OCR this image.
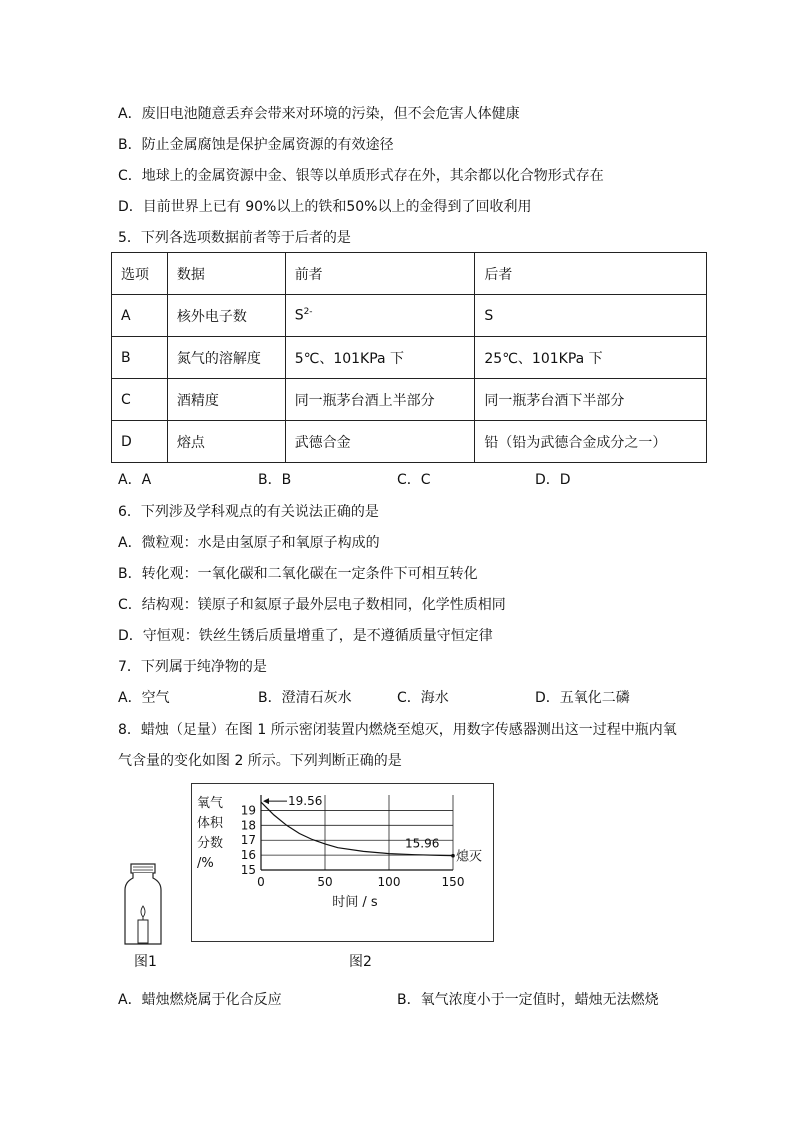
A．废旧电池随意丢弃会带来对环境的污染，但不会危害人体健康
B．防止金属腐蚀是保护金属资源的有效途径
C．地球上的金属资源中金、银等以单质形式存在外，其余都以化合物形式存在
D．目前世界上已有 90%以上的铁和50%以上的金得到了回收利用
5．下列各选项数据前者等于后者的是
选项	数据	前者	后者
A	核外电子数	$S^{2-}$	S
B	氮气的溶解度	5℃、101KPa 下	25℃、101KPa 下
C	酒精度	同一瓶茅台酒上半部分	同一瓶茅台酒下半部分
D	熔点	武德合金	铅（铅为武德合金成分之一）
A．A	B．B	C．C	D．D
6．下列涉及学科观点的有关说法正确的是
A．微粒观：水是由氢原子和氧原子构成的
B．转化观：一氧化碳和二氧化碳在一定条件下可相互转化
C．结构观：镁原子和氦原子最外层电子数相同，化学性质相同
D．守恒观：铁丝生锈后质量增重了，是不遵循质量守恒定律
7．下列属于纯净物的是
A．空气	B．澄清石灰水	C．海水	D．五氧化二磷
8．蜡烛（足量）在图 1 所示密闭装置内燃烧至熄灭，用数字传感器测出这一过程中瓶内氧
气含量的变化如图 2 所示。下列判断正确的是
图1
15
16
17
18
19
0	50	100	150
氧气
体积
分数
/%
时间 / s
19.56
15.96
熄灭
图2
A．蜡烛燃烧属于化合反应	B．氧气浓度小于一定值时，蜡烛无法燃烧
